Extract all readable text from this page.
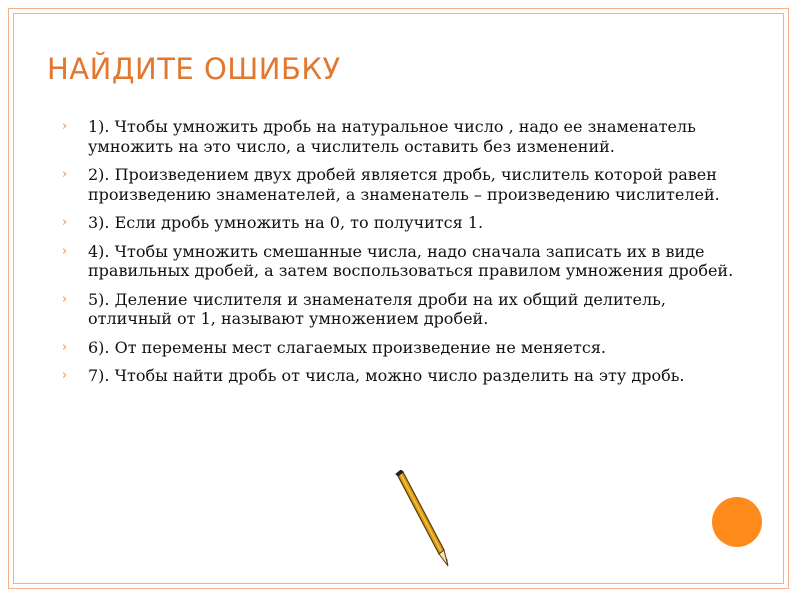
НАЙДИТЕ ОШИБКУ
›	1). Чтобы умножить дробь на натуральное число , надо ее знаменатель умножить на это число, а числитель оставить без изменений.
›	2). Произведением двух дробей является дробь, числитель которой равен произведению знаменателей, а знаменатель – произведению числителей.
›	3). Если дробь умножить на 0, то получится 1.
›	4). Чтобы умножить смешанные числа, надо сначала записать их в виде правильных дробей, а затем воспользоваться правилом умножения дробей.
›	5). Деление числителя и знаменателя дроби на их общий делитель, отличный от 1, называют умножением дробей.
›	6). От перемены мест слагаемых произведение не меняется.
›	7). Чтобы найти дробь от числа, можно число разделить на эту дробь.
